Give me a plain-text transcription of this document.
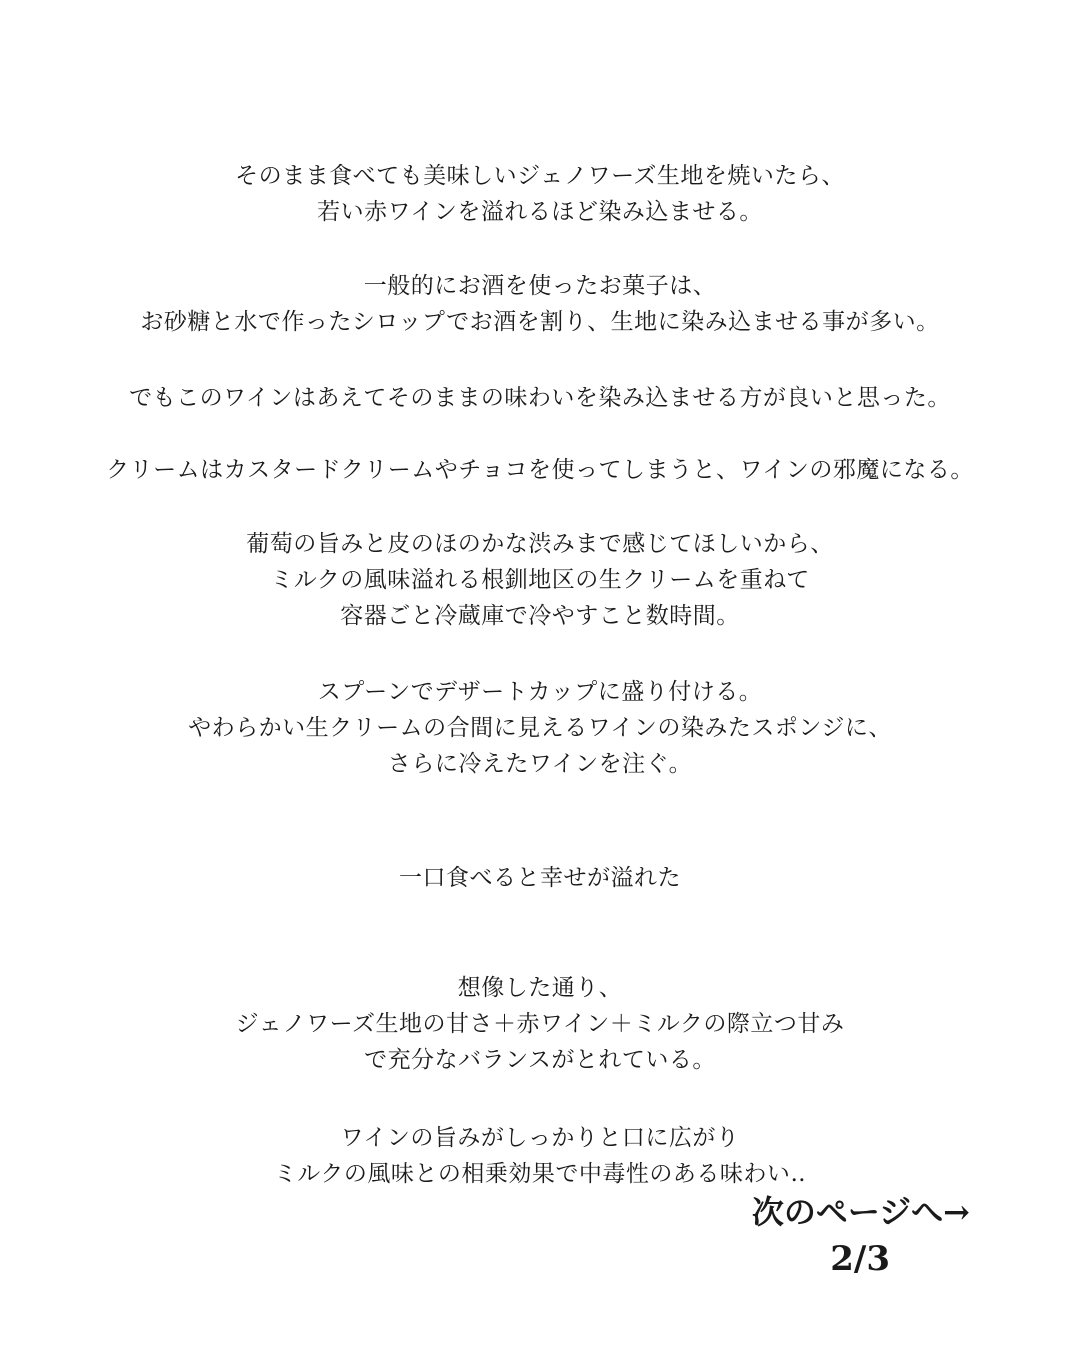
そのまま食べても美味しいジェノワーズ生地を焼いたら、
若い赤ワインを溢れるほど染み込ませる。
一般的にお酒を使ったお菓子は、
お砂糖と水で作ったシロップでお酒を割り、生地に染み込ませる事が多い。
でもこのワインはあえてそのままの味わいを染み込ませる方が良いと思った。
クリームはカスタードクリームやチョコを使ってしまうと、ワインの邪魔になる。
葡萄の旨みと皮のほのかな渋みまで感じてほしいから、
ミルクの風味溢れる根釧地区の生クリームを重ねて
容器ごと冷蔵庫で冷やすこと数時間。
スプーンでデザートカップに盛り付ける。
やわらかい生クリームの合間に見えるワインの染みたスポンジに、
さらに冷えたワインを注ぐ。
一口食べると幸せが溢れた
想像した通り、
ジェノワーズ生地の甘さ＋赤ワイン＋ミルクの際立つ甘み
で充分なバランスがとれている。
ワインの旨みがしっかりと口に広がり
ミルクの風味との相乗効果で中毒性のある味わい‥
次のページへ→
2/3
